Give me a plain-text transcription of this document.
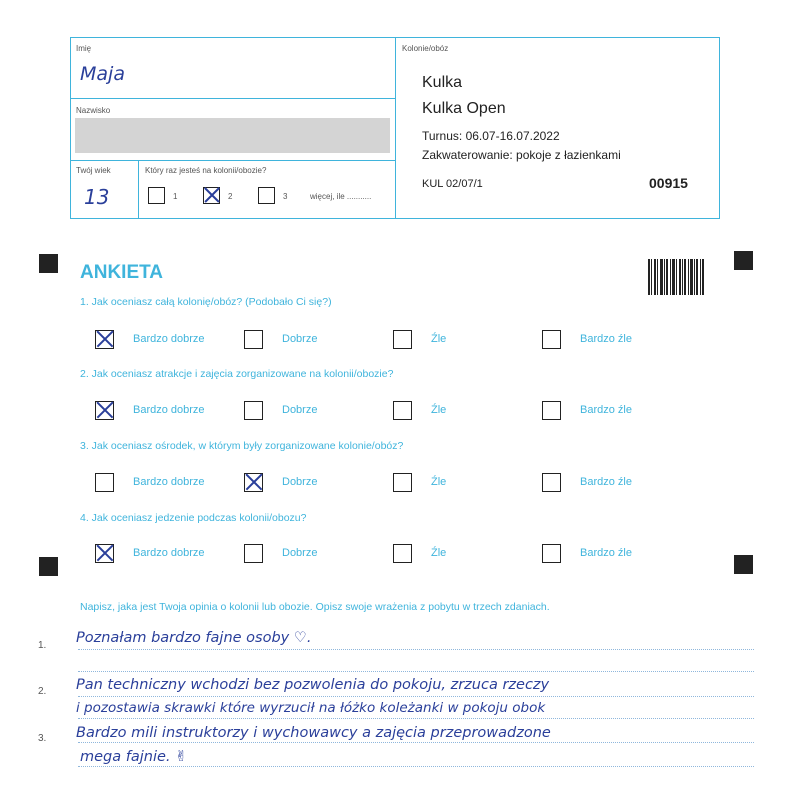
Imię
Maja
Nazwisko
Twój wiek
13
Który raz jesteś na kolonii/obozie?
1	2	3	więcej, ile ...........
Kolonie/obóz
Kulka
Kulka Open
Turnus: 06.07-16.07.2022
Zakwaterowanie: pokoje z łazienkami
KUL 02/07/1	00915
ANKIETA
1. Jak oceniasz całą kolonię/obóz? (Podobało Ci się?)
Bardzo dobrze	Dobrze	Źle	Bardzo źle
2. Jak oceniasz atrakcje i zajęcia zorganizowane na kolonii/obozie?
Bardzo dobrze	Dobrze	Źle	Bardzo źle
3. Jak oceniasz ośrodek, w którym były zorganizowane kolonie/obóz?
Bardzo dobrze	Dobrze	Źle	Bardzo źle
4. Jak oceniasz jedzenie podczas kolonii/obozu?
Bardzo dobrze	Dobrze	Źle	Bardzo źle
Napisz, jaka jest Twoja opinia o kolonii lub obozie. Opisz swoje wrażenia z pobytu w trzech zdaniach.
1.
2.
3.
Poznałam bardzo fajne osoby ♡.
Pan techniczny wchodzi bez pozwolenia do pokoju, zrzuca rzeczy
i pozostawia skrawki które wyrzucił na łóżko koleżanki w pokoju obok
Bardzo mili instruktorzy i wychowawcy a zajęcia przeprowadzone
mega fajnie. ✌
